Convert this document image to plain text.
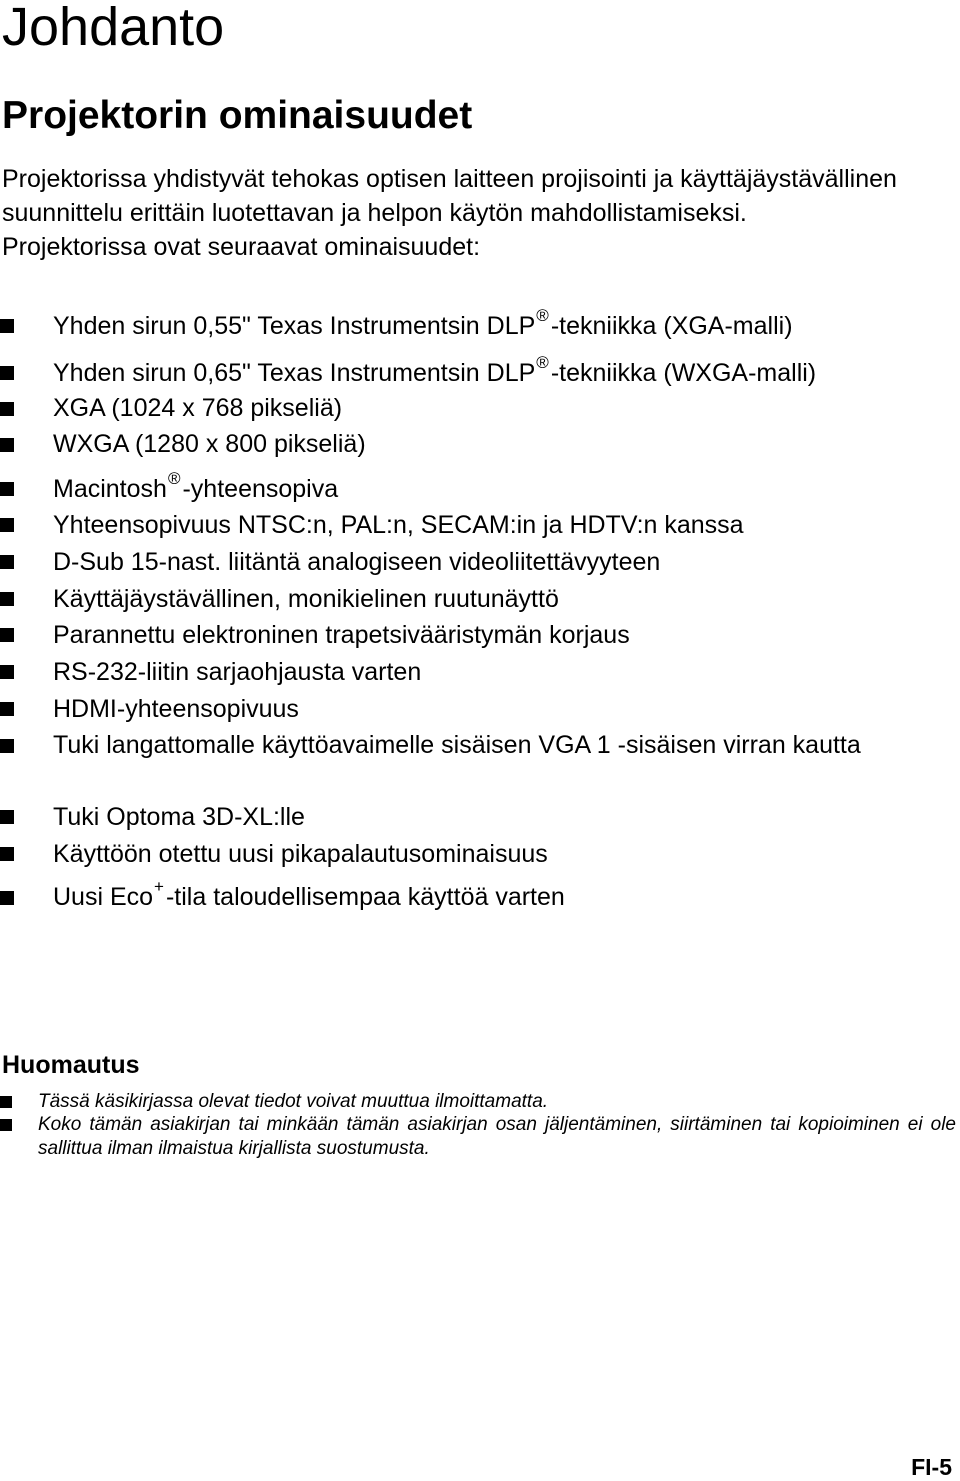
Johdanto
Projektorin ominaisuudet

Projektorissa yhdistyvät tehokas optisen laitteen projisointi ja käyttäjäystävällinen suunnittelu erittäin luotettavan ja helpon käytön mahdollistamiseksi.

Projektorissa ovat seuraavat ominaisuudet:

Yhden sirun 0,55" Texas Instrumentsin DLP®-tekniikka (XGA-malli)
Yhden sirun 0,65" Texas Instrumentsin DLP®-tekniikka (WXGA-malli)
XGA (1024 x 768 pikseliä)
WXGA (1280 x 800 pikseliä)
Macintosh®-yhteensopiva
Yhteensopivuus NTSC:n, PAL:n, SECAM:in ja HDTV:n kanssa
D-Sub 15-nast. liitäntä analogiseen videoliitettävyyteen
Käyttäjäystävällinen, monikielinen ruutunäyttö
Parannettu elektroninen trapetsivääristymän korjaus
RS-232-liitin sarjaohjausta varten
HDMI-yhteensopivuus
Tuki langattomalle käyttöavaimelle sisäisen VGA 1 -sisäisen virran kautta
Tuki Optoma 3D-XL:lle
Käyttöön otettu uusi pikapalautusominaisuus
Uusi Eco+-tila taloudellisempaa käyttöä varten
Huomautus
Tässä käsikirjassa olevat tiedot voivat muuttua ilmoittamatta.
Koko tämän asiakirjan tai minkään tämän asiakirjan osan jäljentäminen, siirtäminen tai kopioiminen ei ole sallittua ilman ilmaistua kirjallista suostumusta.
FI-5
